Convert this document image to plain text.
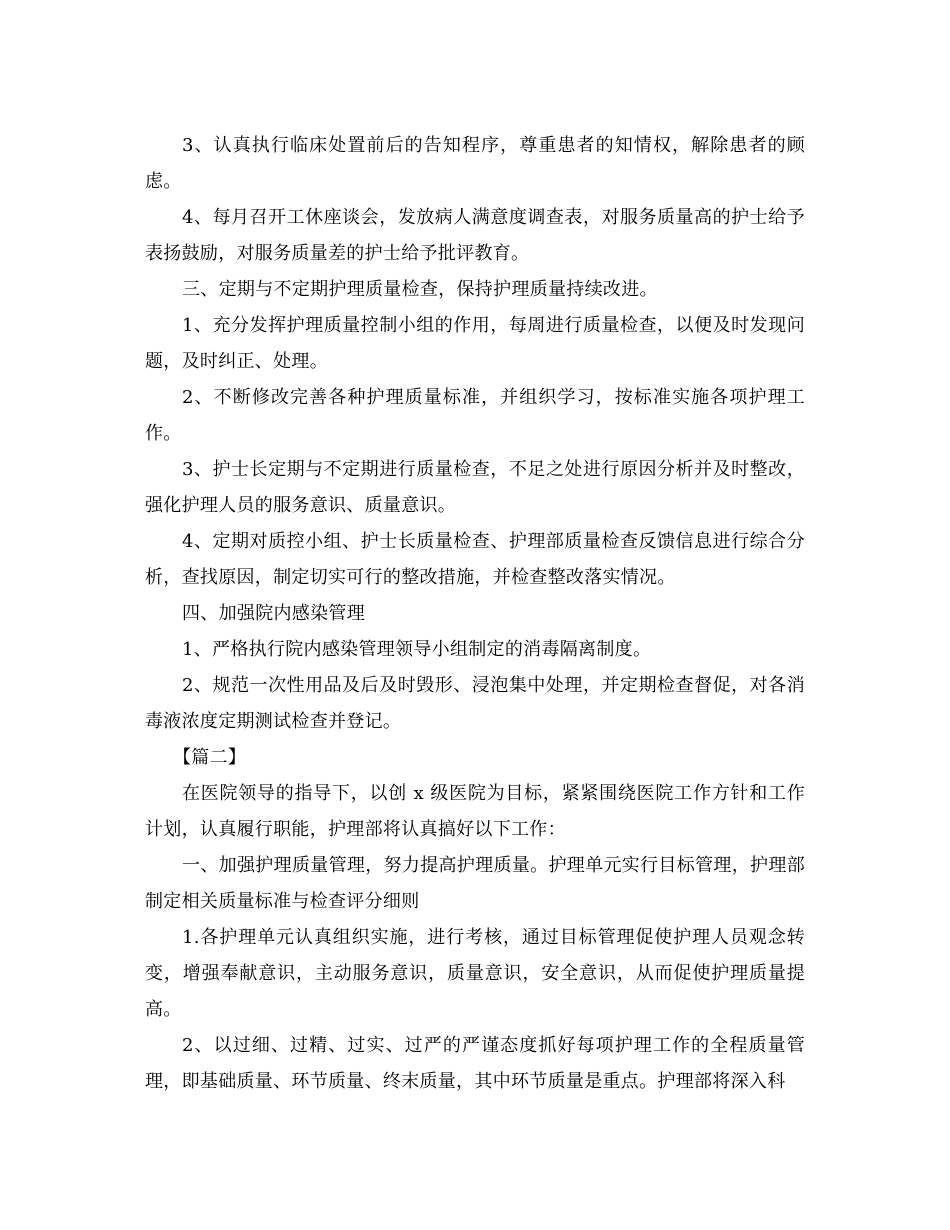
3、认真执行临床处置前后的告知程序，尊重患者的知情权，解除患者的顾虑。

4、每月召开工休座谈会，发放病人满意度调查表，对服务质量高的护士给予表扬鼓励，对服务质量差的护士给予批评教育。

三、定期与不定期护理质量检查，保持护理质量持续改进。

1、充分发挥护理质量控制小组的作用，每周进行质量检查，以便及时发现问题，及时纠正、处理。

2、不断修改完善各种护理质量标准，并组织学习，按标准实施各项护理工作。

3、护士长定期与不定期进行质量检查，不足之处进行原因分析并及时整改，强化护理人员的服务意识、质量意识。

4、定期对质控小组、护士长质量检查、护理部质量检查反馈信息进行综合分析，查找原因，制定切实可行的整改措施，并检查整改落实情况。

四、加强院内感染管理

1、严格执行院内感染管理领导小组制定的消毒隔离制度。

2、规范一次性用品及后及时毁形、浸泡集中处理，并定期检查督促，对各消毒液浓度定期测试检查并登记。

【篇二】

在医院领导的指导下，以创 x 级医院为目标，紧紧围绕医院工作方针和工作计划，认真履行职能，护理部将认真搞好以下工作：

一、加强护理质量管理，努力提高护理质量。护理单元实行目标管理，护理部制定相关质量标准与检查评分细则

1.各护理单元认真组织实施，进行考核，通过目标管理促使护理人员观念转变，增强奉献意识，主动服务意识，质量意识，安全意识，从而促使护理质量提高。

2、以过细、过精、过实、过严的严谨态度抓好每项护理工作的全程质量管理，即基础质量、环节质量、终末质量，其中环节质量是重点。护理部将深入科
